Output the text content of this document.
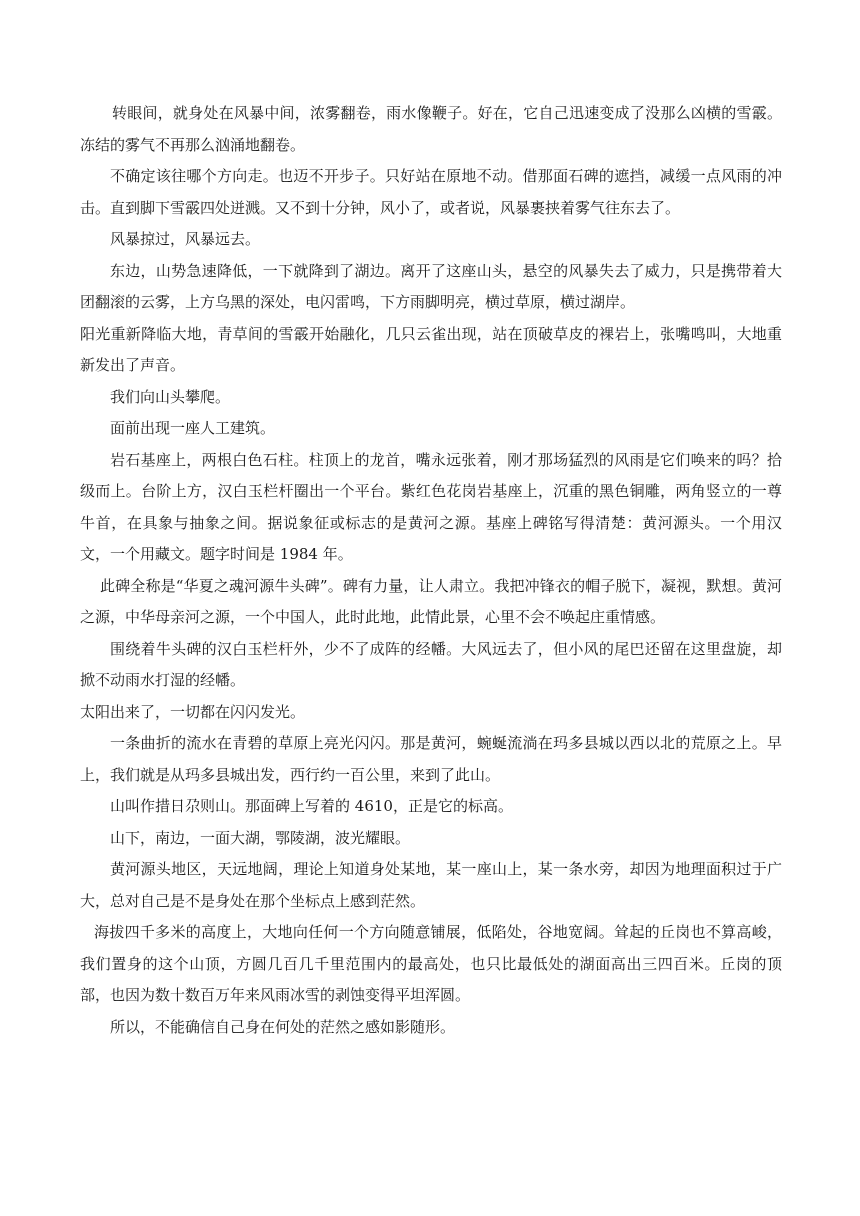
转眼间，就身处在风暴中间，浓雾翻卷，雨水像鞭子。好在，它自己迅速变成了没那么凶横的雪霰。冻结的雾气不再那么汹涌地翻卷。

不确定该往哪个方向走。也迈不开步子。只好站在原地不动。借那面石碑的遮挡，减缓一点风雨的冲击。直到脚下雪霰四处迸溅。又不到十分钟，风小了，或者说，风暴裹挟着雾气往东去了。

风暴掠过，风暴远去。

东边，山势急速降低，一下就降到了湖边。离开了这座山头，悬空的风暴失去了威力，只是携带着大团翻滚的云雾，上方乌黑的深处，电闪雷鸣，下方雨脚明亮，横过草原，横过湖岸。

阳光重新降临大地，青草间的雪霰开始融化，几只云雀出现，站在顶破草皮的裸岩上，张嘴鸣叫，大地重新发出了声音。

我们向山头攀爬。

面前出现一座人工建筑。

岩石基座上，两根白色石柱。柱顶上的龙首，嘴永远张着，刚才那场猛烈的风雨是它们唤来的吗？拾级而上。台阶上方，汉白玉栏杆圈出一个平台。紫红色花岗岩基座上，沉重的黑色铜雕，两角竖立的一尊牛首，在具象与抽象之间。据说象征或标志的是黄河之源。基座上碑铭写得清楚：黄河源头。一个用汉文，一个用藏文。题字时间是 1984 年。

此碑全称是“华夏之魂河源牛头碑”。碑有力量，让人肃立。我把冲锋衣的帽子脱下，凝视，默想。黄河之源，中华母亲河之源，一个中国人，此时此地，此情此景，心里不会不唤起庄重情感。

围绕着牛头碑的汉白玉栏杆外，少不了成阵的经幡。大风远去了，但小风的尾巴还留在这里盘旋，却掀不动雨水打湿的经幡。

太阳出来了，一切都在闪闪发光。

一条曲折的流水在青碧的草原上亮光闪闪。那是黄河，蜿蜒流淌在玛多县城以西以北的荒原之上。早上，我们就是从玛多县城出发，西行约一百公里，来到了此山。

山叫作措日尕则山。那面碑上写着的 4610，正是它的标高。

山下，南边，一面大湖，鄂陵湖，波光耀眼。

黄河源头地区，天远地阔，理论上知道身处某地，某一座山上，某一条水旁，却因为地理面积过于广大，总对自己是不是身处在那个坐标点上感到茫然。

海拔四千多米的高度上，大地向任何一个方向随意铺展，低陷处，谷地宽阔。耸起的丘岗也不算高峻，我们置身的这个山顶，方圆几百几千里范围内的最高处，也只比最低处的湖面高出三四百米。丘岗的顶部，也因为数十数百万年来风雨冰雪的剥蚀变得平坦浑圆。

所以，不能确信自己身在何处的茫然之感如影随形。
